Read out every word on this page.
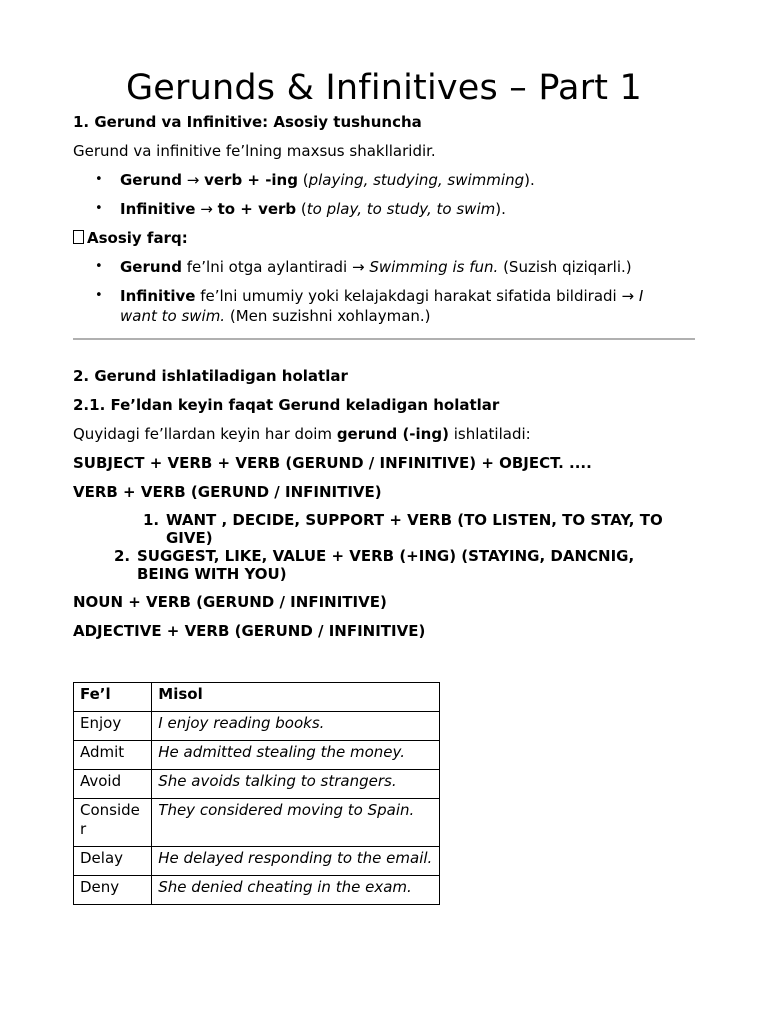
Gerunds & Infinitives – Part 1

1. Gerund va Infinitive: Asosiy tushuncha

Gerund va infinitive fe’lning maxsus shakllaridir.

• Gerund → verb + -ing (playing, studying, swimming).
• Infinitive → to + verb (to play, to study, to swim).

Asosiy farq:

• Gerund fe’lni otga aylantiradi → Swimming is fun. (Suzish qiziqarli.)
• Infinitive fe’lni umumiy yoki kelajakdagi harakat sifatida bildiradi → I want to swim. (Men suzishni xohlayman.)

2. Gerund ishlatiladigan holatlar

2.1. Fe’ldan keyin faqat Gerund keladigan holatlar

Quyidagi fe’llardan keyin har doim gerund (-ing) ishlatiladi:

SUBJECT + VERB + VERB (GERUND / INFINITIVE) + OBJECT. ....

VERB + VERB (GERUND / INFINITIVE)

1. WANT , DECIDE, SUPPORT + VERB (TO LISTEN, TO STAY, TO GIVE)
2. SUGGEST, LIKE, VALUE + VERB (+ING) (STAYING, DANCNIG, BEING WITH YOU)

NOUN + VERB (GERUND / INFINITIVE)

ADJECTIVE + VERB (GERUND / INFINITIVE)

Fe’l	Misol
Enjoy	I enjoy reading books.
Admit	He admitted stealing the money.
Avoid	She avoids talking to strangers.
Consider	They considered moving to Spain.
Delay	He delayed responding to the email.
Deny	She denied cheating in the exam.
